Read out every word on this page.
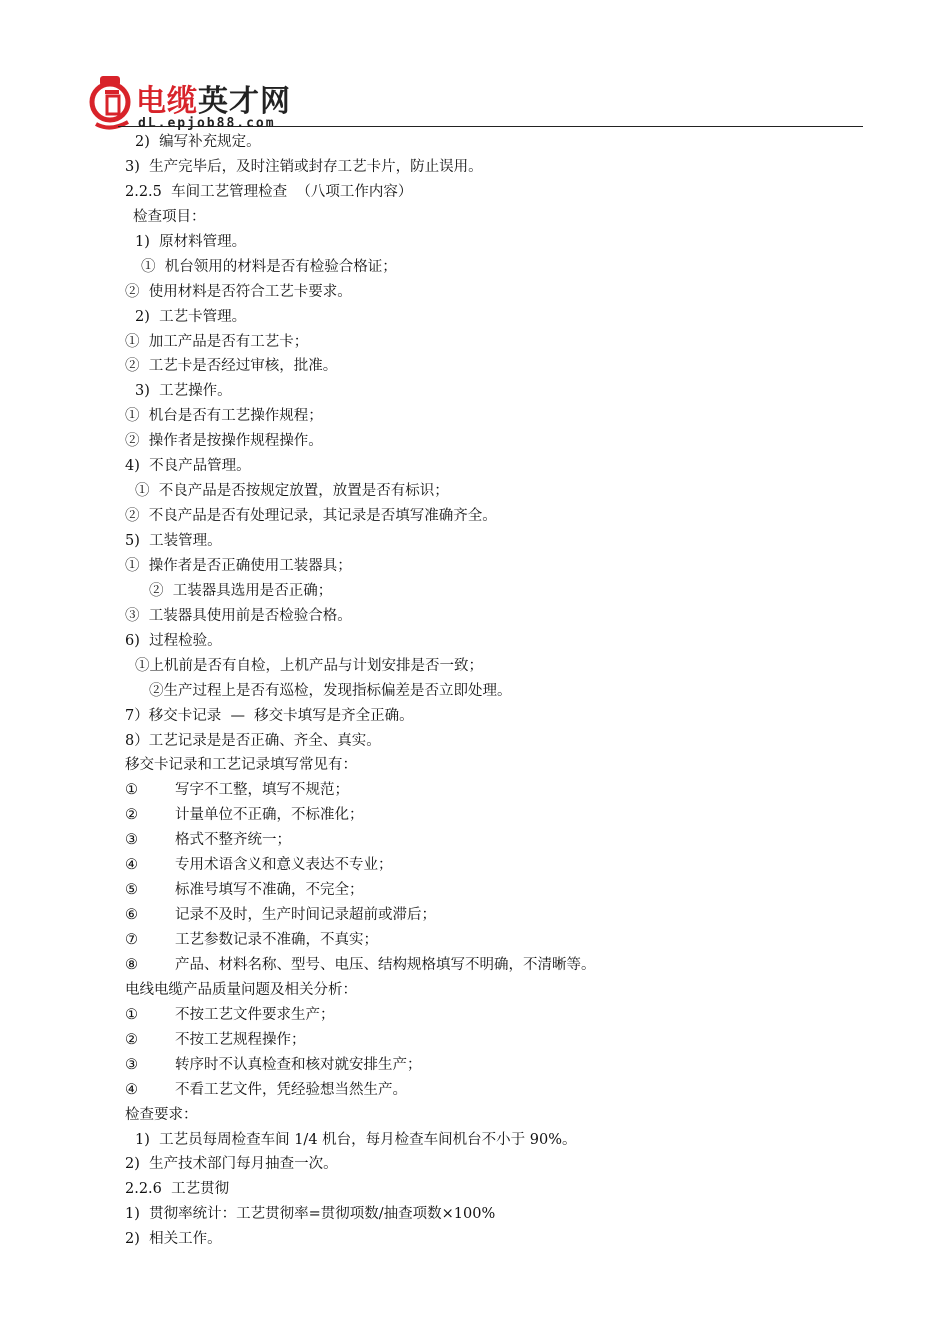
电缆英才网
dL.epjob88.com

2)  编写补充规定。
3)  生产完毕后，及时注销或封存工艺卡片，防止误用。
2.2.5  车间工艺管理检查  （八项工作内容）
检查项目：
1)  原材料管理。
①  机台领用的材料是否有检验合格证；
②  使用材料是否符合工艺卡要求。
2)  工艺卡管理。
①  加工产品是否有工艺卡；
②  工艺卡是否经过审核，批准。
3)  工艺操作。
①  机台是否有工艺操作规程；
②  操作者是按操作规程操作。
4)  不良产品管理。
①  不良产品是否按规定放置，放置是否有标识；
②  不良产品是否有处理记录，其记录是否填写准确齐全。
5)  工装管理。
①  操作者是否正确使用工装器具；
②  工装器具选用是否正确；
③  工装器具使用前是否检验合格。
6)  过程检验。
①上机前是否有自检，上机产品与计划安排是否一致；
②生产过程上是否有巡检，发现指标偏差是否立即处理。
7）移交卡记录  —  移交卡填写是齐全正确。
8）工艺记录是是否正确、齐全、真实。
移交卡记录和工艺记录填写常见有：
①	写字不工整，填写不规范；
②	计量单位不正确，不标准化；
③	格式不整齐统一；
④	专用术语含义和意义表达不专业；
⑤	标准号填写不准确，不完全；
⑥	记录不及时，生产时间记录超前或滞后；
⑦	工艺参数记录不准确，不真实；
⑧	产品、材料名称、型号、电压、结构规格填写不明确，不清晰等。
电线电缆产品质量问题及相关分析：
①	不按工艺文件要求生产；
②	不按工艺规程操作；
③	转序时不认真检查和核对就安排生产；
④	不看工艺文件，凭经验想当然生产。
检查要求：
1)  工艺员每周检查车间 1/4 机台，每月检查车间机台不小于 90%。
2)  生产技术部门每月抽查一次。
2.2.6  工艺贯彻
1)  贯彻率统计：工艺贯彻率=贯彻项数/抽查项数×100%
2)  相关工作。
